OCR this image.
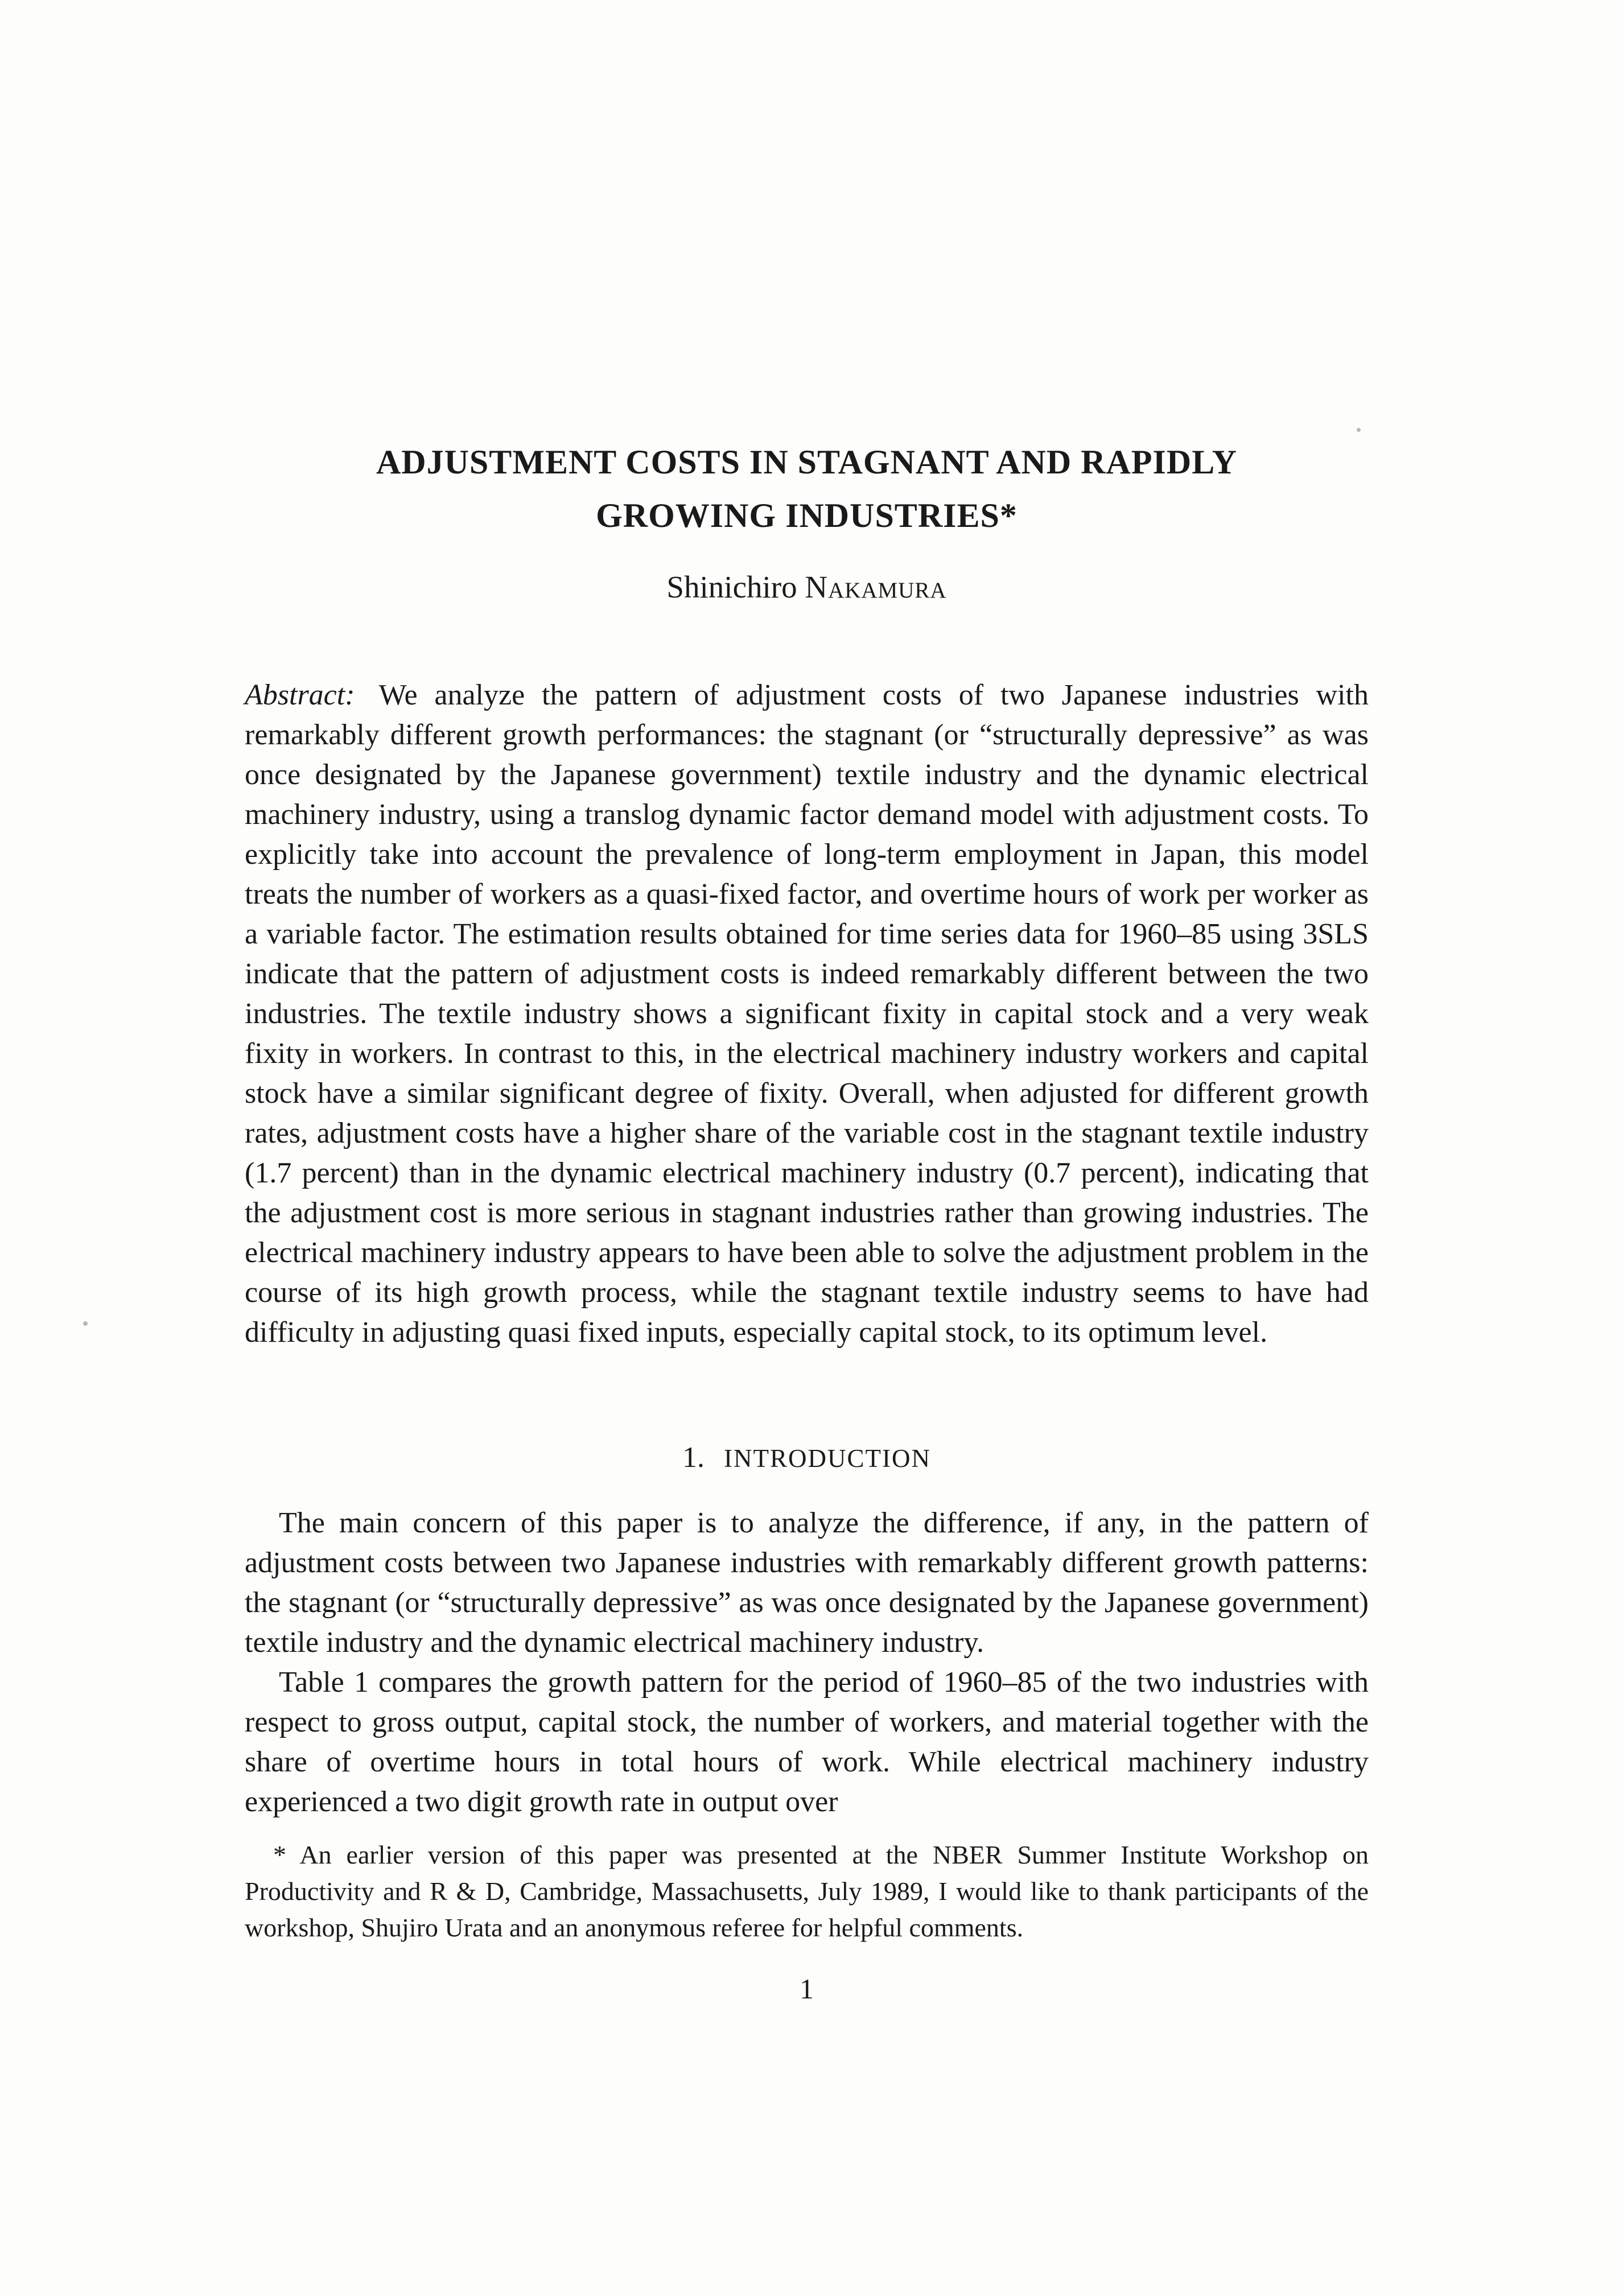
ADJUSTMENT COSTS IN STAGNANT AND RAPIDLY
GROWING INDUSTRIES*
Shinichiro Nakamura

Abstract: We analyze the pattern of adjustment costs of two Japanese industries with remarkably different growth performances: the stagnant (or “structurally depressive” as was once designated by the Japanese government) textile industry and the dynamic electrical machinery industry, using a translog dynamic factor demand model with adjustment costs. To explicitly take into account the prevalence of long-term employment in Japan, this model treats the number of workers as a quasi-fixed factor, and overtime hours of work per worker as a variable factor. The estimation results obtained for time series data for 1960–85 using 3SLS indicate that the pattern of adjustment costs is indeed remarkably different between the two industries. The textile industry shows a significant fixity in capital stock and a very weak fixity in workers. In contrast to this, in the electrical machinery industry workers and capital stock have a similar significant degree of fixity. Overall, when adjusted for different growth rates, adjustment costs have a higher share of the variable cost in the stagnant textile industry (1.7 percent) than in the dynamic electrical machinery industry (0.7 percent), indicating that the adjustment cost is more serious in stagnant industries rather than growing industries. The electrical machinery industry appears to have been able to solve the adjustment problem in the course of its high growth process, while the stagnant textile industry seems to have had difficulty in adjusting quasi fixed inputs, especially capital stock, to its optimum level.

1. INTRODUCTION

The main concern of this paper is to analyze the difference, if any, in the pattern of adjustment costs between two Japanese industries with remarkably different growth patterns: the stagnant (or “structurally depressive” as was once designated by the Japanese government) textile industry and the dynamic electrical machinery industry.

Table 1 compares the growth pattern for the period of 1960–85 of the two industries with respect to gross output, capital stock, the number of workers, and material together with the share of overtime hours in total hours of work. While electrical machinery industry experienced a two digit growth rate in output over

* An earlier version of this paper was presented at the NBER Summer Institute Workshop on Productivity and R & D, Cambridge, Massachusetts, July 1989, I would like to thank participants of the workshop, Shujiro Urata and an anonymous referee for helpful comments.

1
